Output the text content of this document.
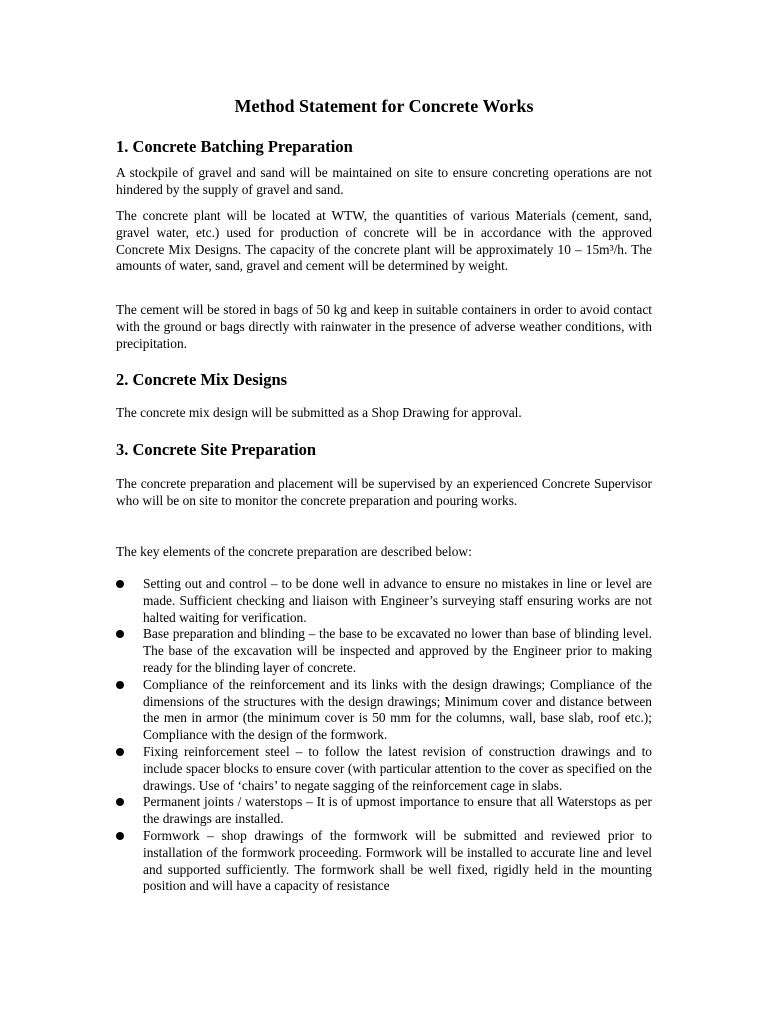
Method Statement for Concrete Works
1. Concrete Batching Preparation

A stockpile of gravel and sand will be maintained on site to ensure concreting operations are not hindered by the supply of gravel and sand.

The concrete plant will be located at WTW, the quantities of various Materials (cement, sand, gravel water, etc.) used for production of concrete will be in accordance with the approved Concrete Mix Designs. The capacity of the concrete plant will be approximately 10 – 15m³/h. The amounts of water, sand, gravel and cement will be determined by weight.

The cement will be stored in bags of 50 kg and keep in suitable containers in order to avoid contact with the ground or bags directly with rainwater in the presence of adverse weather conditions, with precipitation.

2. Concrete Mix Designs

The concrete mix design will be submitted as a Shop Drawing for approval.

3. Concrete Site Preparation

The concrete preparation and placement will be supervised by an experienced Concrete Supervisor who will be on site to monitor the concrete preparation and pouring works.

The key elements of the concrete preparation are described below:

Setting out and control – to be done well in advance to ensure no mistakes in line or level are made. Sufficient checking and liaison with Engineer’s surveying staff ensuring works are not halted waiting for verification.
Base preparation and blinding – the base to be excavated no lower than base of blinding level. The base of the excavation will be inspected and approved by the Engineer prior to making ready for the blinding layer of concrete.
Compliance of the reinforcement and its links with the design drawings; Compliance of the dimensions of the structures with the design drawings; Minimum cover and distance between the men in armor (the minimum cover is 50 mm for the columns, wall, base slab, roof etc.); Compliance with the design of the formwork.
Fixing reinforcement steel – to follow the latest revision of construction drawings and to include spacer blocks to ensure cover (with particular attention to the cover as specified on the drawings. Use of ‘chairs’ to negate sagging of the reinforcement cage in slabs.
Permanent joints / waterstops – It is of upmost importance to ensure that all Waterstops as per the drawings are installed.
Formwork – shop drawings of the formwork will be submitted and reviewed prior to installation of the formwork proceeding. Formwork will be installed to accurate line and level and supported sufficiently. The formwork shall be well fixed, rigidly held in the mounting position and will have a capacity of resistance
